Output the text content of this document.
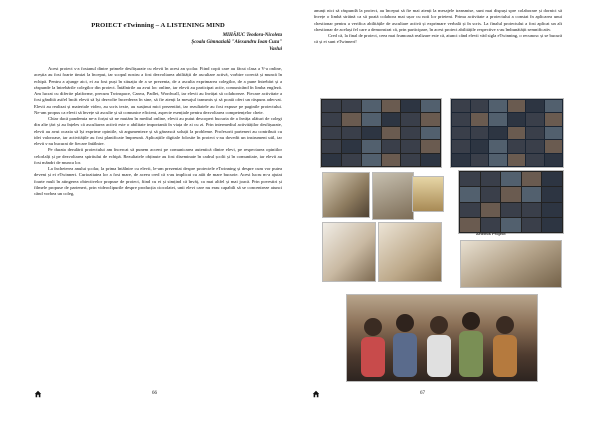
PROIECT eTwinning – A LISTENING MIND
MIHĂIUC Teodora-Nicoleta
Școala Gimnazială "Alexandru Ioan Cuza"
Vaslui

Acest proiect s-a fostanul dintre primele desfășurate cu elevii în acest an școlar. Fiind copii care au făcut clasa a V-a online, aceștia au fost foarte timizi la început, iar scopul nostru a fost dezvoltarea abilității de ascultare activă, vorbire corectă și muncă în echipă. Pentru a ajunge aici, ei au fost puși în situația de a se prezenta, de a asculta exprimarea colegilor, de a pune întrebări și a răspunde la întrebările colegilor din proiect. Întâlnirile au avut loc online, iar elevii au participat activ, comunicând în limba engleză. Am lucrat cu diferite platforme, precum Twinspace, Canva, Padlet, Wordwall, iar elevii au învățat să colaboreze. Fiecare activitate a fost gândită astfel încât elevii să își dezvolte încrederea în sine, să fie atenți la mesajul transmis și să poată oferi un răspuns adecvat. Elevii au realizat și materiale video, au scris texte, au susținut mici prezentări, iar rezultatele au fost expuse pe paginile proiectului. Ne-am propus ca elevii să învețe să asculte și să comunice eficient, aspecte esențiale pentru dezvoltarea competențelor cheie.

Chiar dacă pandemia ne-a forțat să ne mutăm în mediul online, elevii au putut descoperi bucuria de a învăța alături de colegi din alte țări și au înțeles că ascultarea activă este o abilitate importantă în viața de zi cu zi. Prin intermediul activităților desfășurate, elevii au avut ocazia să își exprime opiniile, să argumenteze și să găsească soluții la probleme. Profesorii parteneri au contribuit cu idei valoroase, iar activitățile au fost planificate împreună. Aplicațiile digitale folosite în proiect s-au dovedit un instrument util, iar elevii s-au bucurat de fiecare întâlnire.

Pe durata derulării proiectului am încercat să punem accent pe comunicarea autentică dintre elevi, pe respectarea opiniilor celorlalți și pe dezvoltarea spiritului de echipă. Rezultatele obținute au fost diseminate în cadrul școlii și în comunitate, iar elevii au fost mândri de munca lor.

La încheierea anului școlar, la prima întâlnire cu elevii, le-am prezentat despre proiectele eTwinning și despre cum vor putea deveni și ei eTwinneri. Curiozitatea lor a fost mare, de aceea cred că s-au implicat cu atât de mare bucurie. Acest lucru m-a ajutat foarte mult în atingerea obiectivelor propuse de proiect, fiind cu ei și simțind că învăț, ca mai altfel și mai joacă. Prin povestiri și filmele propuse de parteneri, prin videoclipurile despre producția ciocolatei, unii elevi care nu erau capabili să se concentreze atunci când vorbea un coleg,

66

anunți nici să răspundă la proiect, au început să fie mai atenți la mesajele transmise, sunt mai dispuși spre colaborare și dornici să învețe o limbă străină ca să poată colabora mai ușor cu noii lor prieteni. Prima activitate a proiectului a constat în aplicarea unui chestionar pentru a verifica abilitățile de ascultare activă și exprimare verbală și în scris. La finalul proiectului a fost aplicat un alt chestionar de același fel care a demonstrat că, prin participare, în acest proiect abilitățile respective s-au îmbunătățit semnificativ.

Cred că, la final de proiect, ceea mai frumoasă realizare este că, atunci când elevii văd sigla eTwinning, o recunosc și se bucură că și ei sunt eTwinneri!

Artemis Project
67
